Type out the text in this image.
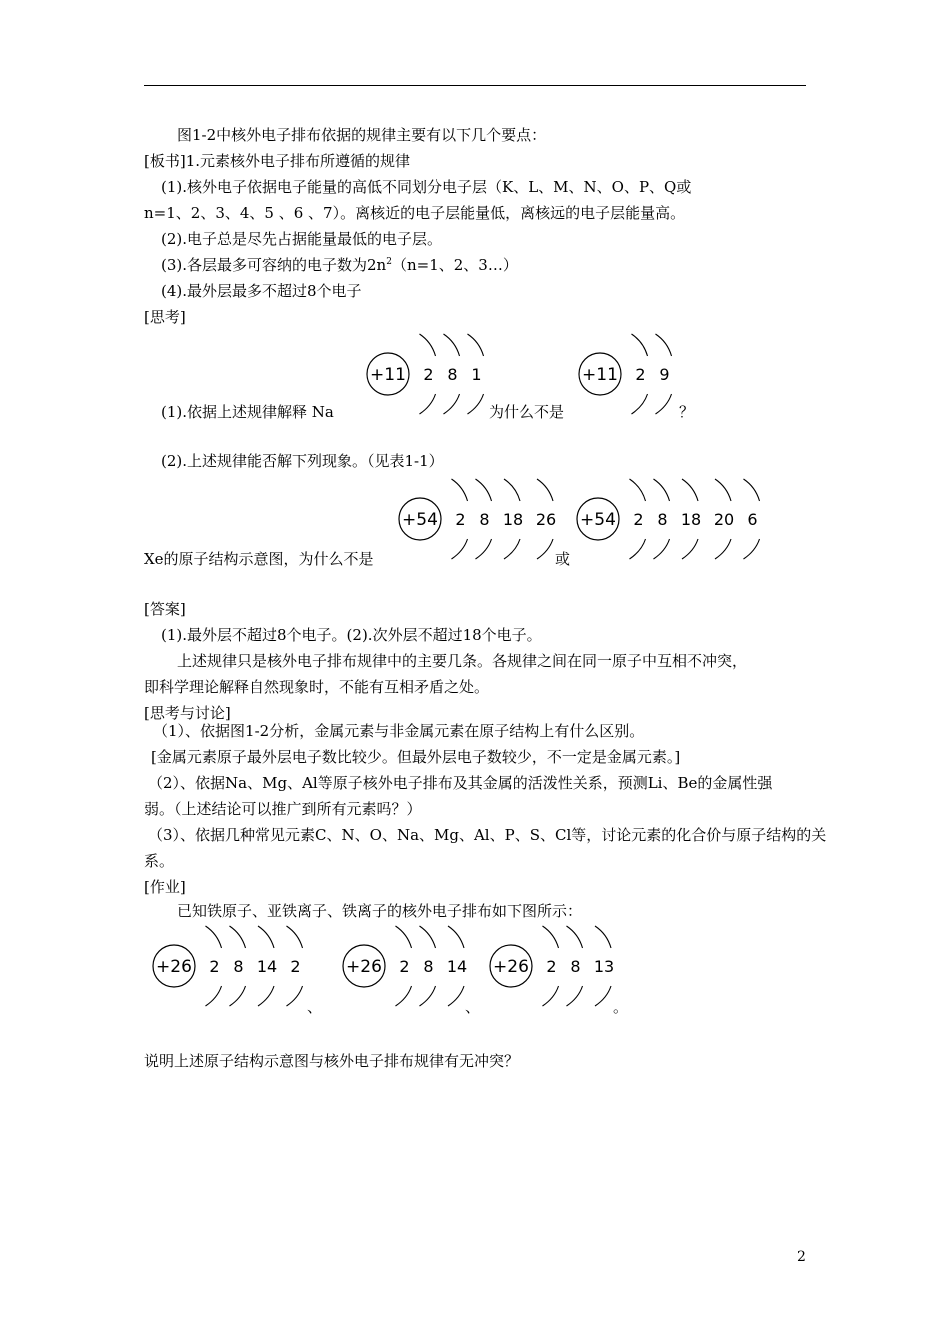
图1-2中核外电子排布依据的规律主要有以下几个要点：
[板书]1.元素核外电子排布所遵循的规律
(1).核外电子依据电子能量的高低不同划分电子层（K、L、M、N、O、P、Q或
n=1、2、3、4、5 、6 、7）。离核近的电子层能量低，离核远的电子层能量高。
(2).电子总是尽先占据能量最低的电子层。
(3).各层最多可容纳的电子数为$2n^2(n=1$、2、3…）
(4).最外层最多不超过8个电子
[思考]
+11 2 8 1	+11 2 9
(1).依据上述规律解释 Na	为什么不是	？
(2).上述规律能否解下列现象。（见表1-1）
+54 2 8 18 26 +54 2 8 18 20 6
Xe的原子结构示意图，为什么不是	或
[答案]
(1).最外层不超过8个电子。(2).次外层不超过18个电子。
上述规律只是核外电子排布规律中的主要几条。各规律之间在同一原子中互相不冲突，
即科学理论解释自然现象时，不能有互相矛盾之处。
[思考与讨论]
（1）、依据图1-2分析，金属元素与非金属元素在原子结构上有什么区别。
[金属元素原子最外层电子数比较少。但最外层电子数较少，不一定是金属元素。]
（2）、依据Na、Mg、Al等原子核外电子排布及其金属的活泼性关系，预测Li、Be的金属性强
弱。（上述结论可以推广到所有元素吗？）
（3）、依据几种常见元素C、N、O、Na、Mg、Al、P、S、Cl等，讨论元素的化合价与原子结构的关
系。
[作业]
已知铁原子、亚铁离子、铁离子的核外电子排布如下图所示：
+26 2 8 14 2	+26 2 8 14 +26 2 8 13
、	、	。
说明上述原子结构示意图与核外电子排布规律有无冲突？
2
